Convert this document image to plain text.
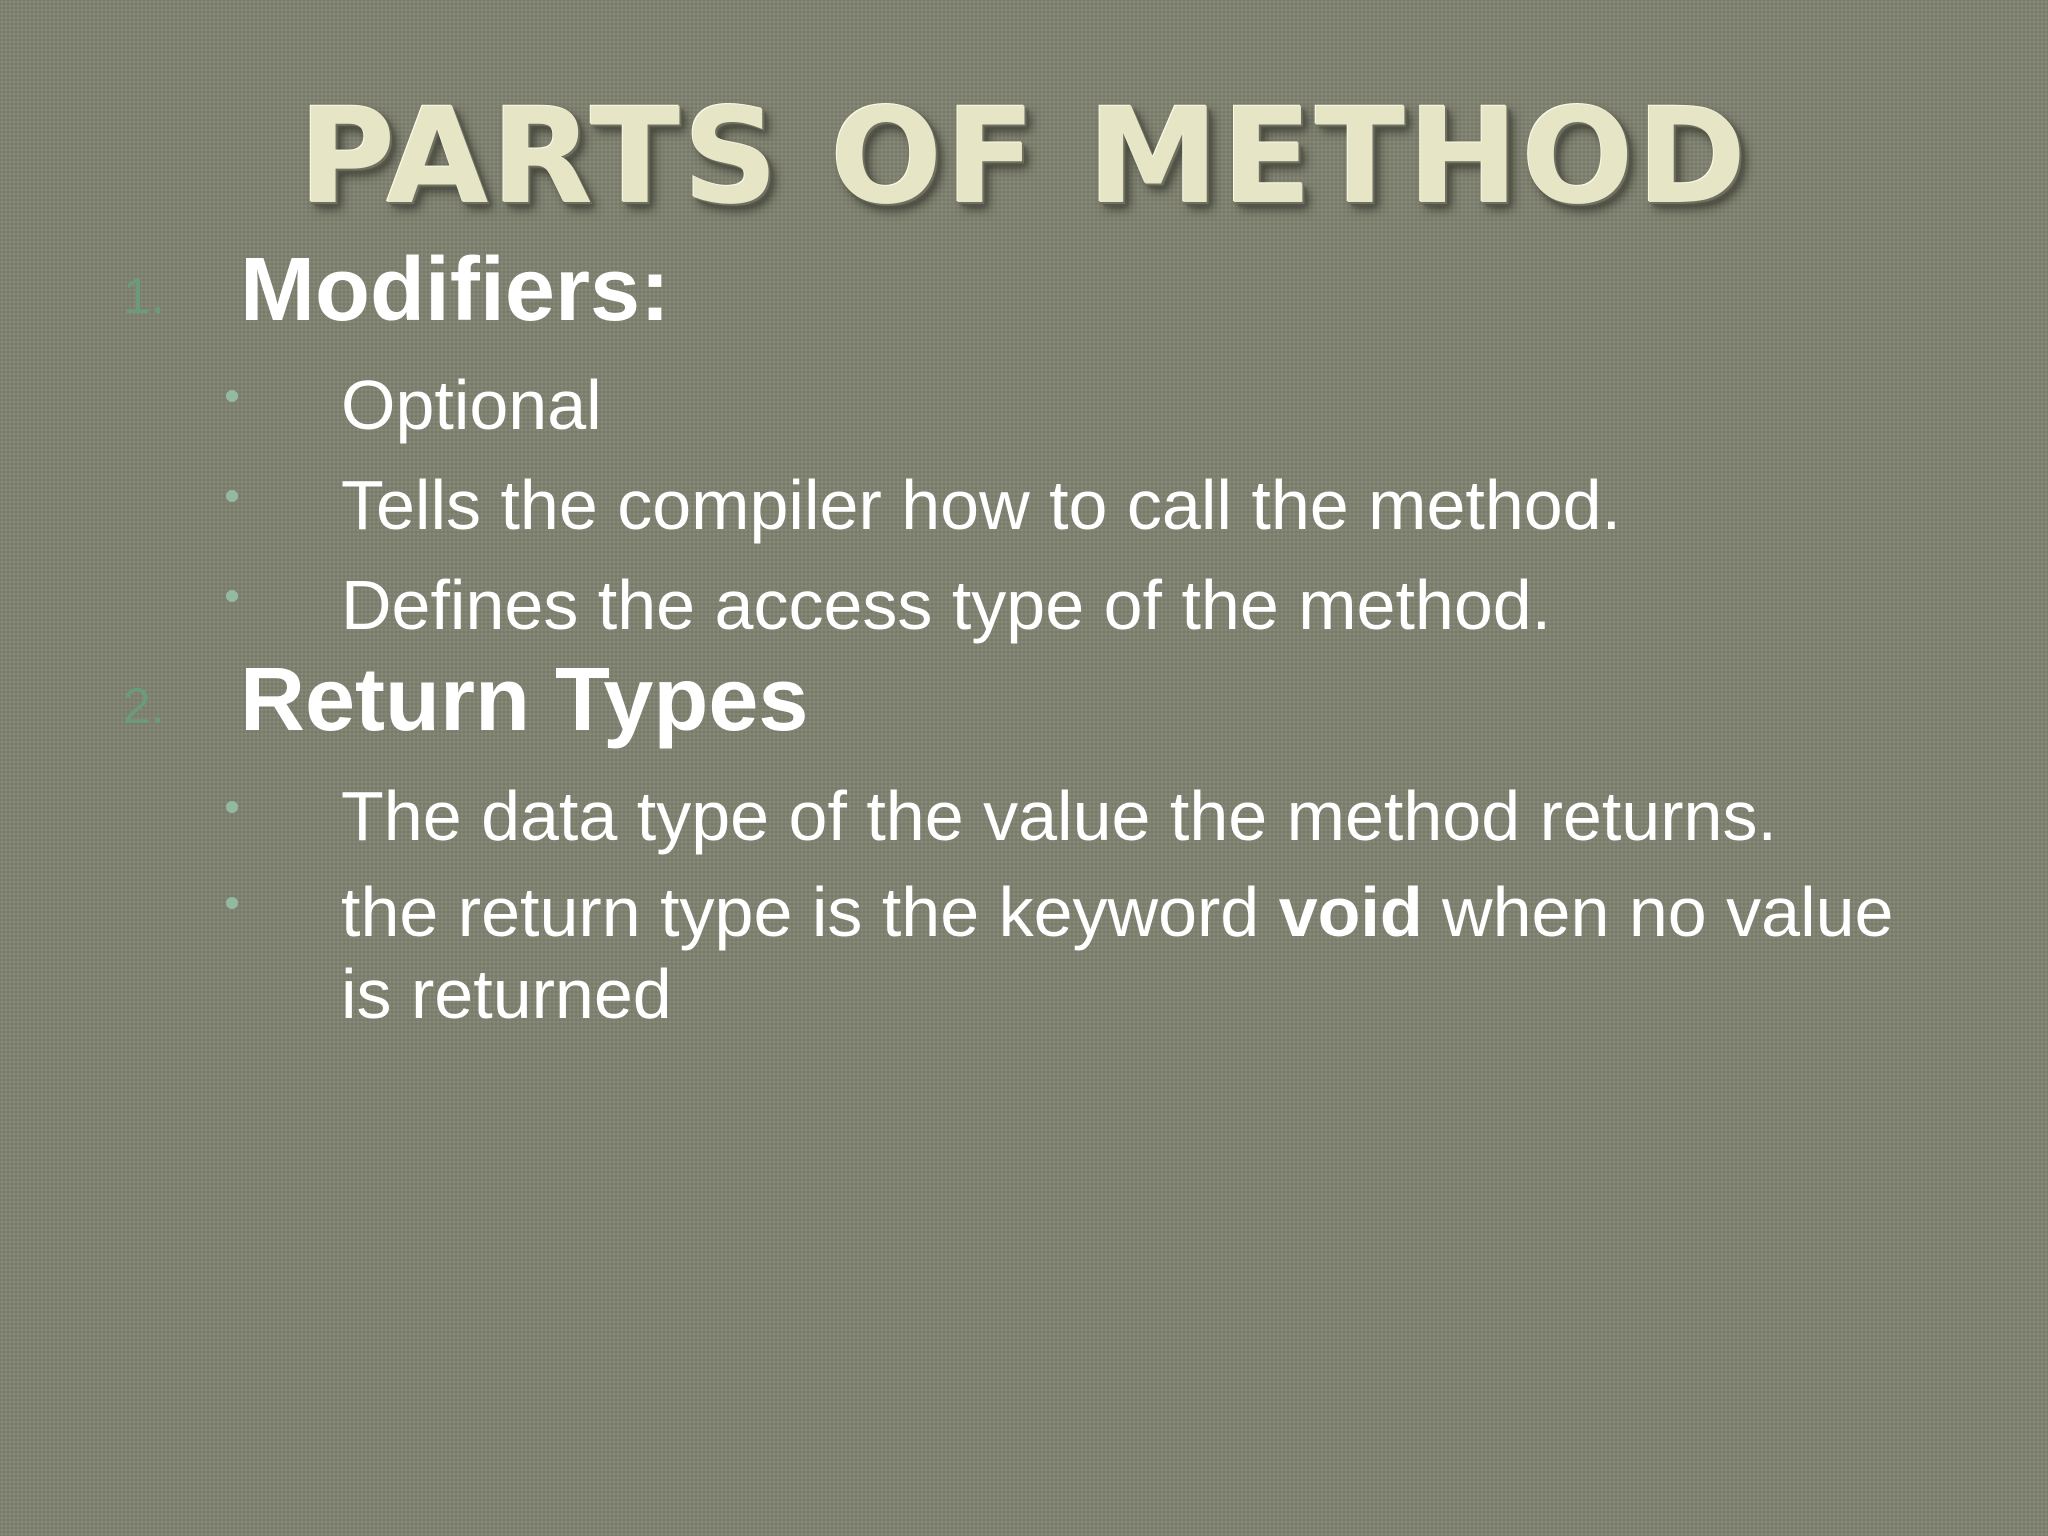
PARTS OF METHOD
1. Modifiers:
Optional
Tells the compiler how to call the method.
Defines the access type of the method.
2. Return Types
The data type of the value the method returns.
the return type is the keyword void when no value is returned
